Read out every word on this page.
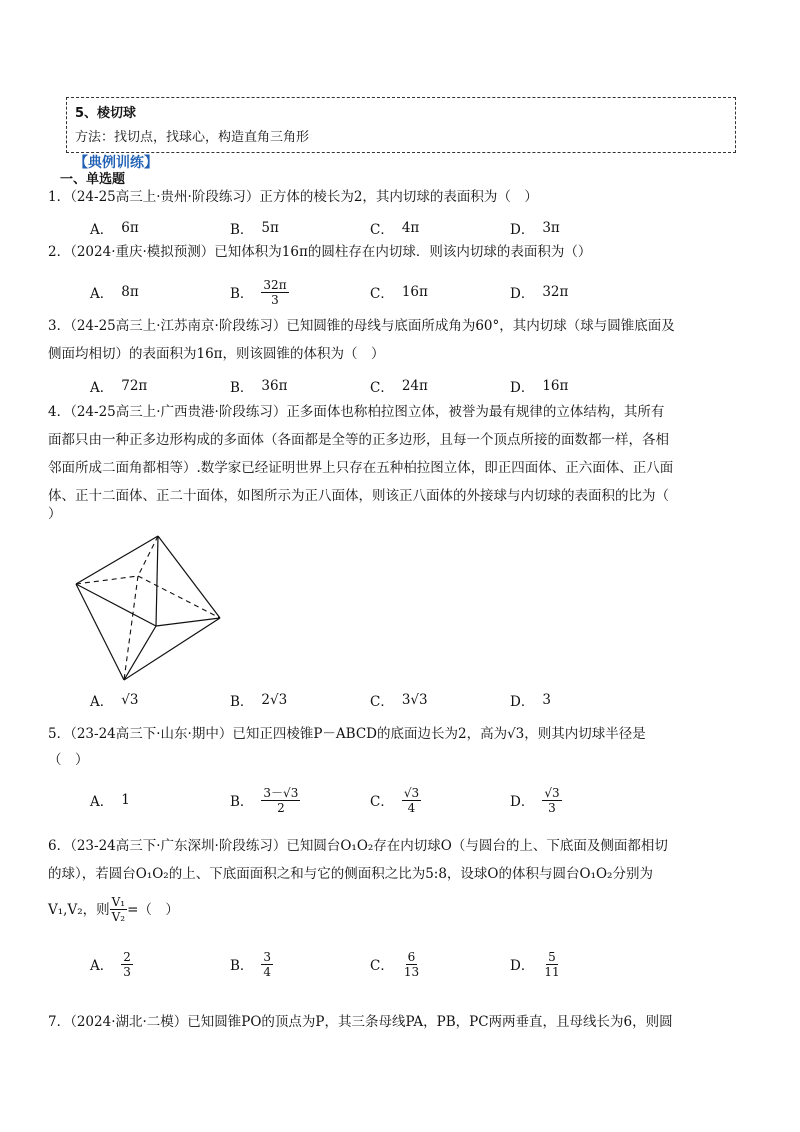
5、棱切球
方法：找切点，找球心，构造直角三角形
【典例训练】
一、单选题
1．（24-25高三上·贵州·阶段练习）正方体的棱长为2，其内切球的表面积为（　）
A． 6π	B． 5π	C． 4π	D． 3π
2．（2024·重庆·模拟预测）已知体积为16π的圆柱存在内切球．则该内切球的表面积为（）
A． 8π	B． $\frac{32\pi}{3}$	C． 16π	D． 32π
3．（24-25高三上·江苏南京·阶段练习）已知圆锥的母线与底面所成角为60°，其内切球（球与圆锥底面及
侧面均相切）的表面积为16π，则该圆锥的体积为（　）
A． 72π	B． 36π	C． 24π	D． 16π
4．（24-25高三上·广西贵港·阶段练习）正多面体也称柏拉图立体，被誉为最有规律的立体结构，其所有
面都只由一种正多边形构成的多面体（各面都是全等的正多边形，且每一个顶点所接的面数都一样，各相
邻面所成二面角都相等）.数学家已经证明世界上只存在五种柏拉图立体，即正四面体、正六面体、正八面
体、正十二面体、正二十面体，如图所示为正八面体，则该正八面体的外接球与内切球的表面积的比为（
）
A． √3	B． 2√3	C． 3√3	D． 3
5．（23-24高三下·山东·期中）已知正四棱锥P－ABCD的底面边长为2，高为√3，则其内切球半径是
（　）
A． 1	B． $\frac{3-√3}{2}$	C． $\frac{√3}{4}$	D． $\frac{√3}{3}$
6．（23-24高三下·广东深圳·阶段练习）已知圆台O₁O₂存在内切球O（与圆台的上、下底面及侧面都相切
的球），若圆台O₁O₂的上、下底面面积之和与它的侧面积之比为5:8，设球O的体积与圆台O₁O₂分别为
V₁,V₂，则 $\frac{\text{V₁}}{\text{V₂}}$ =（　）
A． $\frac{2}{3}$	B． $\frac{3}{4}$	C． $\frac{6}{13}$	D． $\frac{5}{11}$
7．（2024·湖北·二模）已知圆锥PO的顶点为P，其三条母线PA，PB，PC两两垂直，且母线长为6，则圆
